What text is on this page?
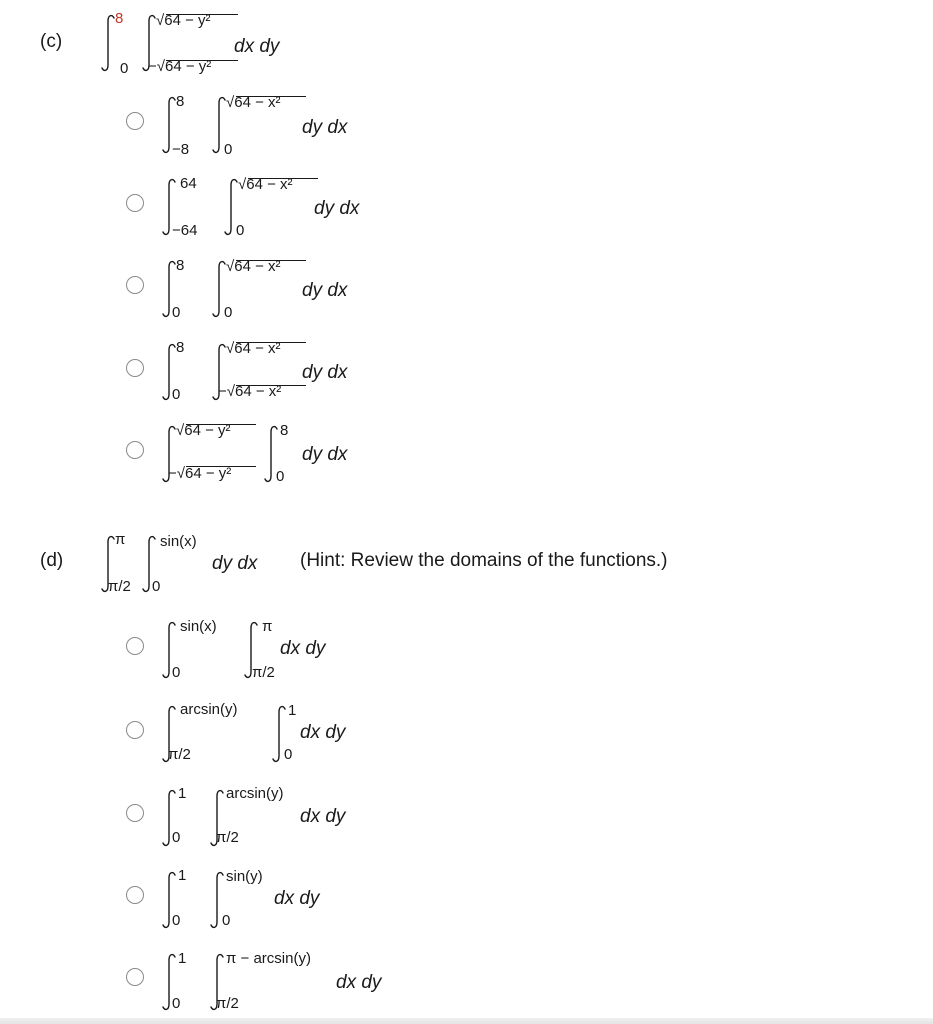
(c)
8
0
√64 − y²
−√64 − y²
dx dy
8
−8
√64 − x²
0
dy dx
64
−64
√64 − x²
0
dy dx
8
0
√64 − x²
0
dy dx
8
0
√64 − x²
−√64 − x²
dy dx
√64 − y²
−√64 − y²
8
0
dy dx
(d)
π
π/2
sin(x)
0
dy dx (Hint: Review the domains of the functions.)
sin(x)
0
π
π/2
dx dy
arcsin(y)
π/2
1
0
dx dy
1
0
arcsin(y)
π/2
dx dy
1
0
sin(y)
0
dx dy
1
0
π − arcsin(y)
π/2
dx dy
